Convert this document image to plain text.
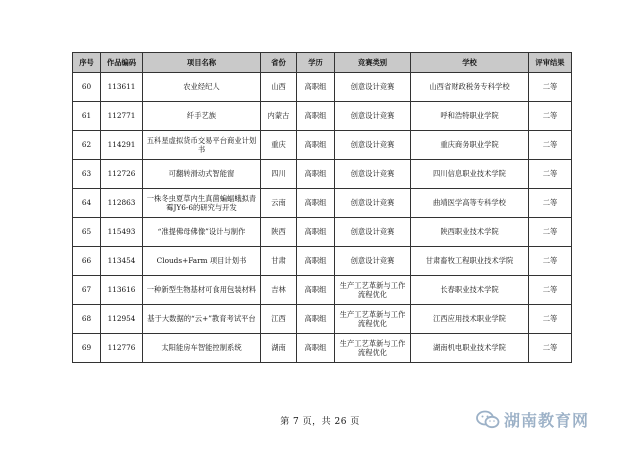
序号	作品编码	项目名称	省份	学历	竞赛类别	学校	评审结果
60	113611	农业经纪人	山西	高职组	创意设计竞赛	山西省财政税务专科学校	二等
61	112771	纤手艺族	内蒙古	高职组	创意设计竞赛	呼和浩特职业学院	二等
62	114291	五科星虚拟货币交易平台商业计划书	重庆	高职组	创意设计竞赛	重庆商务职业学院	二等
63	112726	可翻转滑动式智能窗	四川	高职组	创意设计竞赛	四川信息职业技术学院	二等
64	112863	一株冬虫夏草内生真菌蝙蝠蛾拟青霉JY6-6的研究与开发	云南	高职组	创意设计竞赛	曲靖医学高等专科学校	二等
65	115493	“准提佛母佛像”设计与制作	陕西	高职组	创意设计竞赛	陕西职业技术学院	二等
66	113454	Clouds+Farm 项目计划书	甘肃	高职组	创意设计竞赛	甘肃畜牧工程职业技术学院	二等
67	113616	一种新型生物基材可食用包装材料	吉林	高职组	生产工艺革新与工作流程优化	长春职业技术学院	二等
68	112954	基于大数据的“云+”教育考试平台	江西	高职组	生产工艺革新与工作流程优化	江西应用技术职业学院	二等
69	112776	太阳能房车智能控制系统	湖南	高职组	生产工艺革新与工作流程优化	湖南机电职业技术学院	二等
第 7 页，共 26 页	湖南教育网
